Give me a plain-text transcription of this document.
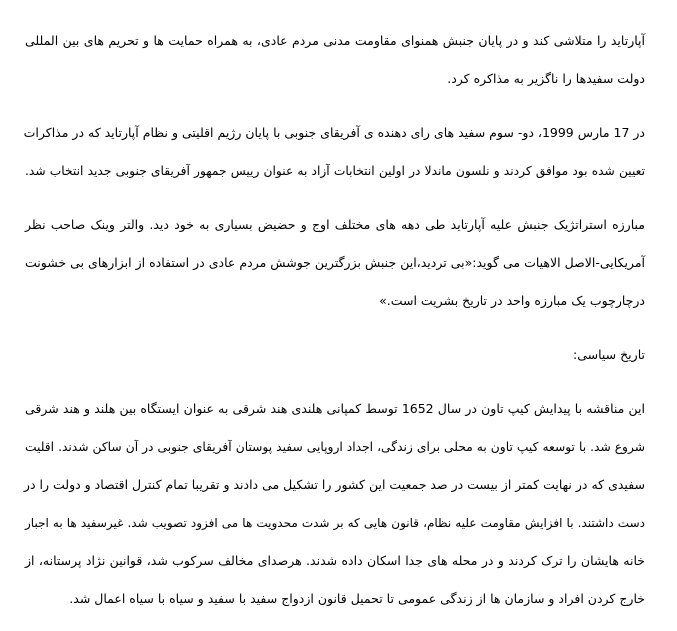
آپارتاید را متلاشی کند و در پایان جنبش همنوای مقاومت مدنی مردم عادی، به همراه حمایت ها و تحریم های بین المللی
دولت سفیدها را ناگزیر به مذاکره کرد.
در 17 مارس 1999، دو- سوم سفید های رای دهنده ی آفریقای جنوبی با پایان رژیم اقلیتی و نظام آپارتاید که در مذاکرات
تعیین شده بود موافق کردند و نلسون ماندلا در اولین انتخابات آزاد به عنوان رییس جمهور آفریقای جنوبی جدید انتخاب شد.
مبارزه استراتژیک جنبش علیه آپارتاید طی دهه های مختلف اوج و حضیض بسیاری به خود دید. والتر وینک صاحب نظر
آمریکایی-الاصل الاهیات می گوید:«بی تردید،این جنبش بزرگترین جوشش مردم عادی در استفاده از ابزارهای بی خشونت
درچارچوب یک مبارزه واحد در تاریخ بشریت است.»
تاریخ سیاسی:
این مناقشه با پیدایش کیپ تاون در سال 1652 توسط کمپانی هلندی هند شرقی به عنوان ایستگاه بین هلند و هند شرقی
شروع شد. با توسعه کیپ تاون به محلی برای زندگی، اجداد اروپایی سفید پوستان آفریقای جنوبی در آن ساکن شدند. اقلیت
سفیدی که در نهایت کمتر از بیست در صد جمعیت این کشور را تشکیل می دادند و تقریبا تمام کنترل اقتصاد و دولت را در
دست داشتند. با افزایش مقاومت علیه نظام، قانون هایی که بر شدت محدویت ها می افزود تصویب شد. غیرسفید ها به اجبار
خانه هایشان را ترک کردند و در محله های جدا اسکان داده شدند. هرصدای مخالف سرکوب شد، قوانین نژاد پرستانه، از
خارج کردن افراد و سازمان ها از زندگی عمومی تا تحمیل قانون ازدواج سفید با سفید و سیاه با سیاه اعمال شد.
